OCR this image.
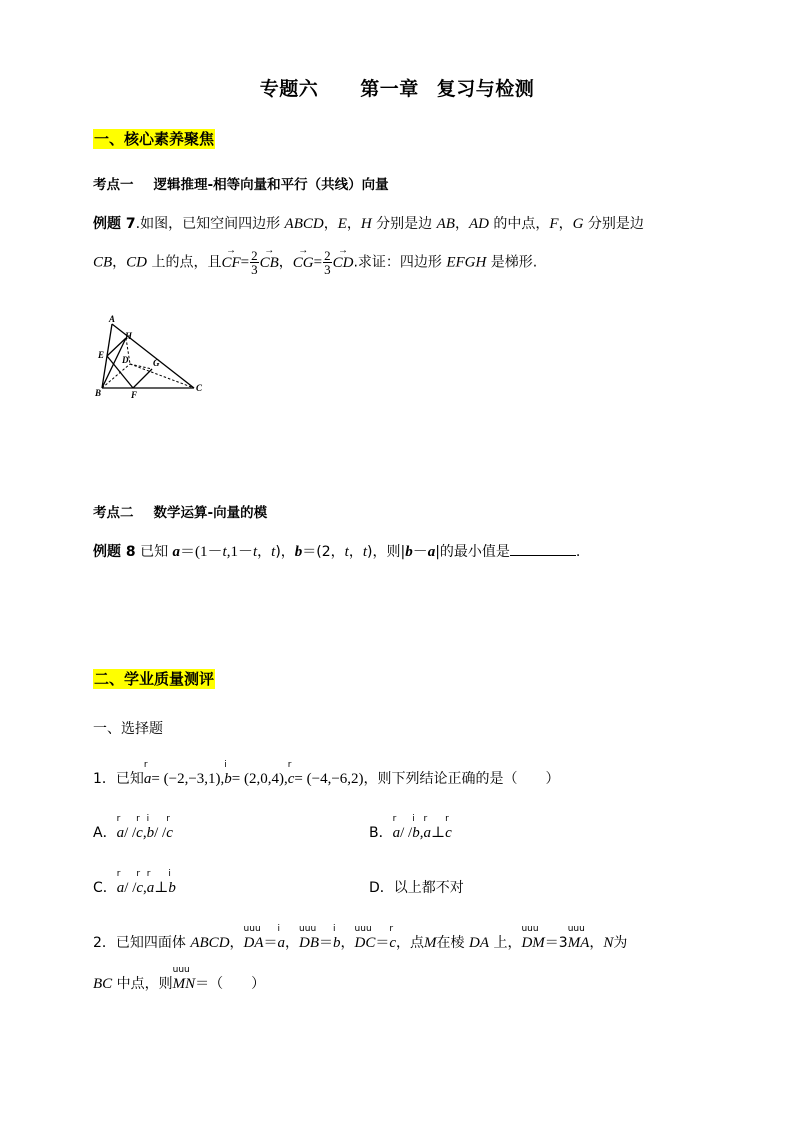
专题六 第一章 复习与检测
一、核心素养聚焦
考点一 逻辑推理-相等向量和平行（共线）向量
例题 7.如图，已知空间四边形 ABCD，E，H 分别是边 AB，AD 的中点，F，G 分别是边
CB，CD 上的点，且
→
$CF= \frac{2}{3}$ →
CB，
→
$CG= \frac{2}{3}$ →
CD.求证：四边形 EFGH 是梯形.
A
H
E D	G
B	F
C
考点二 数学运算-向量的模
例题 8 已知 a＝(1－t,1－t，t)，b＝(2，t，t)，则|b－a|的最小值是	.
二、学业质量测评
一、选择题
1．已知
r
a= (−2,−3,1),
i
b= (2,0,4),
r
c= (−4,−6,2)，则下列结论正确的是（　　）
A．
r
a/ /
r
c,
i
b/ /
r
c	B．
r
a/ /
i
b,
r
a⊥
r
c
C．
r
a/ /
r
c,
r
a⊥
i
b	D．以上都不对
2．已知四面体 ABCD，
uuu
DA＝
i
a，
uuu
DB＝
i
b，
uuu
DC＝
r
c，点M在棱 DA 上，
uuu
DM＝3
uuu
MA，N为
BC 中点，则
uuu
MN＝（　　）
